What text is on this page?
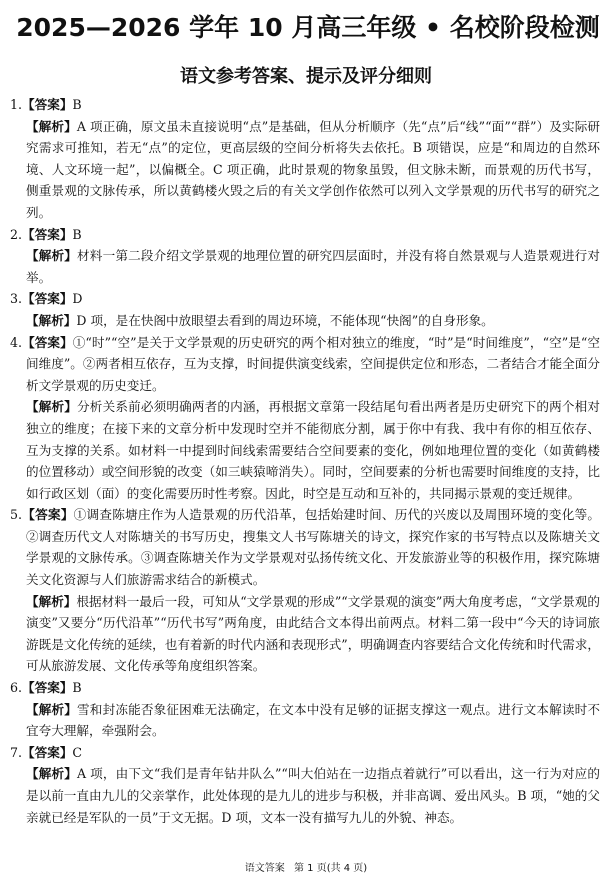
2025—2026 学年 10 月高三年级 • 名校阶段检测
语文参考答案、提示及评分细则
1.【答案】B
【解析】A 项正确，原文虽未直接说明“点”是基础，但从分析顺序（先“点”后“线”“面”“群”）及实际研究需求可推知，若无“点”的定位，更高层级的空间分析将失去依托。B 项错误，应是“和周边的自然环境、人文环境一起”，以偏概全。C 项正确，此时景观的物象虽毁，但文脉未断，而景观的历代书写，侧重景观的文脉传承，所以黄鹤楼火毁之后的有关文学创作依然可以列入文学景观的历代书写的研究之列。
2.【答案】B
【解析】材料一第二段介绍文学景观的地理位置的研究四层面时，并没有将自然景观与人造景观进行对举。
3.【答案】D
【解析】D 项，是在快阁中放眼望去看到的周边环境，不能体现“快阁”的自身形象。
4.【答案】①“时”“空”是关于文学景观的历史研究的两个相对独立的维度，“时”是“时间维度”，“空”是“空间维度”。②两者相互依存，互为支撑，时间提供演变线索，空间提供定位和形态，二者结合才能全面分析文学景观的历史变迁。
【解析】分析关系前必须明确两者的内涵，再根据文章第一段结尾句看出两者是历史研究下的两个相对独立的维度；在接下来的文章分析中发现时空并不能彻底分割，属于你中有我、我中有你的相互依存、互为支撑的关系。如材料一中提到时间线索需要结合空间要素的变化，例如地理位置的变化（如黄鹤楼的位置移动）或空间形貌的改变（如三峡猿啼消失）。同时，空间要素的分析也需要时间维度的支持，比如行政区划（面）的变化需要历时性考察。因此，时空是互动和互补的，共同揭示景观的变迁规律。
5.【答案】①调查陈塘庄作为人造景观的历代沿革，包括始建时间、历代的兴废以及周围环境的变化等。②调查历代文人对陈塘关的书写历史，搜集文人书写陈塘关的诗文，探究作家的书写特点以及陈塘关文学景观的文脉传承。③调查陈塘关作为文学景观对弘扬传统文化、开发旅游业等的积极作用，探究陈塘关文化资源与人们旅游需求结合的新模式。
【解析】根据材料一最后一段，可知从“文学景观的形成”“文学景观的演变”两大角度考虑，“文学景观的演变”又要分“历代沿革”“历代书写”两角度，由此结合文本得出前两点。材料二第一段中“今天的诗词旅游既是文化传统的延续，也有着新的时代内涵和表现形式”，明确调查内容要结合文化传统和时代需求，可从旅游发展、文化传承等角度组织答案。
6.【答案】B
【解析】雪和封冻能否象征困难无法确定，在文本中没有足够的证据支撑这一观点。进行文本解读时不宜夸大理解，牵强附会。
7.【答案】C
【解析】A 项，由下文“我们是青年钻井队么”“叫大伯站在一边指点着就行”可以看出，这一行为对应的是以前一直由九儿的父亲掌作，此处体现的是九儿的进步与积极，并非高调、爱出风头。B 项，“她的父亲就已经是军队的一员”于文无据。D 项，文本一没有描写九儿的外貌、神态。
语文答案 第 1 页(共 4 页)
